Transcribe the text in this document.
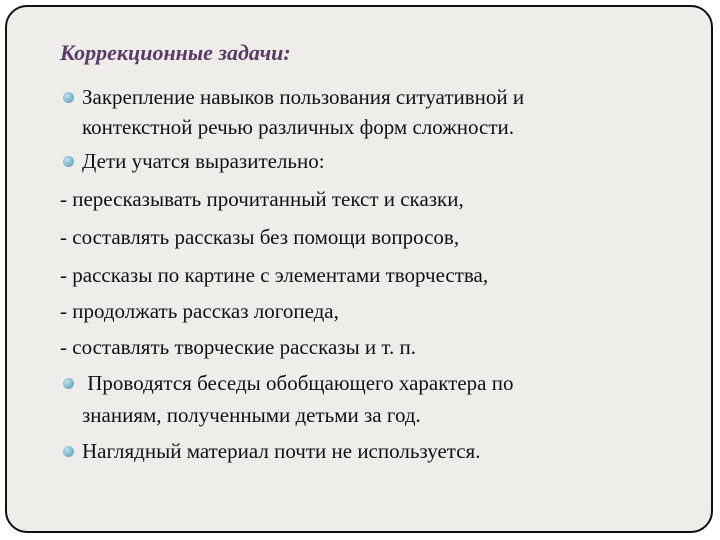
Коррекционные задачи:

Закрепление навыков пользования ситуативной и

контекстной речью различных форм сложности.

Дети учатся выразительно:

- пересказывать прочитанный текст и сказки,

- составлять рассказы без помощи вопросов,

- рассказы по картине с элементами творчества,

- продолжать рассказ логопеда,

- составлять творческие рассказы и т. п.

Проводятся беседы обобщающего характера по

знаниям, полученными детьми за год.

Наглядный материал почти не используется.
